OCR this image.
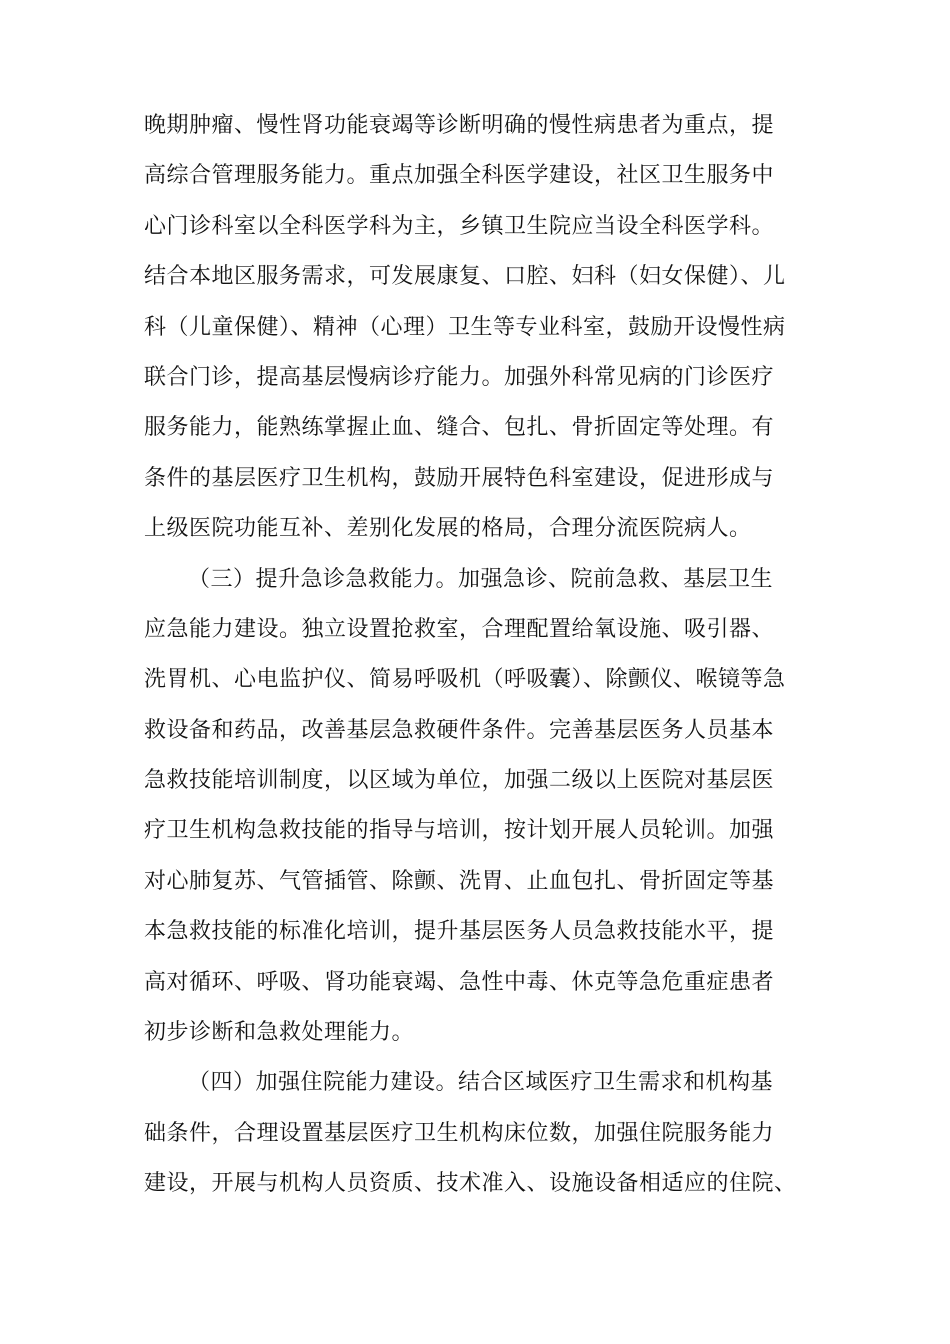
晚期肿瘤、慢性肾功能衰竭等诊断明确的慢性病患者为重点，提
高综合管理服务能力。重点加强全科医学建设，社区卫生服务中
心门诊科室以全科医学科为主，乡镇卫生院应当设全科医学科。
结合本地区服务需求，可发展康复、口腔、妇科（妇女保健）、儿
科（儿童保健）、精神（心理）卫生等专业科室，鼓励开设慢性病
联合门诊，提高基层慢病诊疗能力。加强外科常见病的门诊医疗
服务能力，能熟练掌握止血、缝合、包扎、骨折固定等处理。有
条件的基层医疗卫生机构，鼓励开展特色科室建设，促进形成与
上级医院功能互补、差别化发展的格局，合理分流医院病人。
（三）提升急诊急救能力。加强急诊、院前急救、基层卫生
应急能力建设。独立设置抢救室，合理配置给氧设施、吸引器、
洗胃机、心电监护仪、简易呼吸机（呼吸囊）、除颤仪、喉镜等急
救设备和药品，改善基层急救硬件条件。完善基层医务人员基本
急救技能培训制度，以区域为单位，加强二级以上医院对基层医
疗卫生机构急救技能的指导与培训，按计划开展人员轮训。加强
对心肺复苏、气管插管、除颤、洗胃、止血包扎、骨折固定等基
本急救技能的标准化培训，提升基层医务人员急救技能水平，提
高对循环、呼吸、肾功能衰竭、急性中毒、休克等急危重症患者
初步诊断和急救处理能力。
（四）加强住院能力建设。结合区域医疗卫生需求和机构基
础条件，合理设置基层医疗卫生机构床位数，加强住院服务能力
建设，开展与机构人员资质、技术准入、设施设备相适应的住院、
